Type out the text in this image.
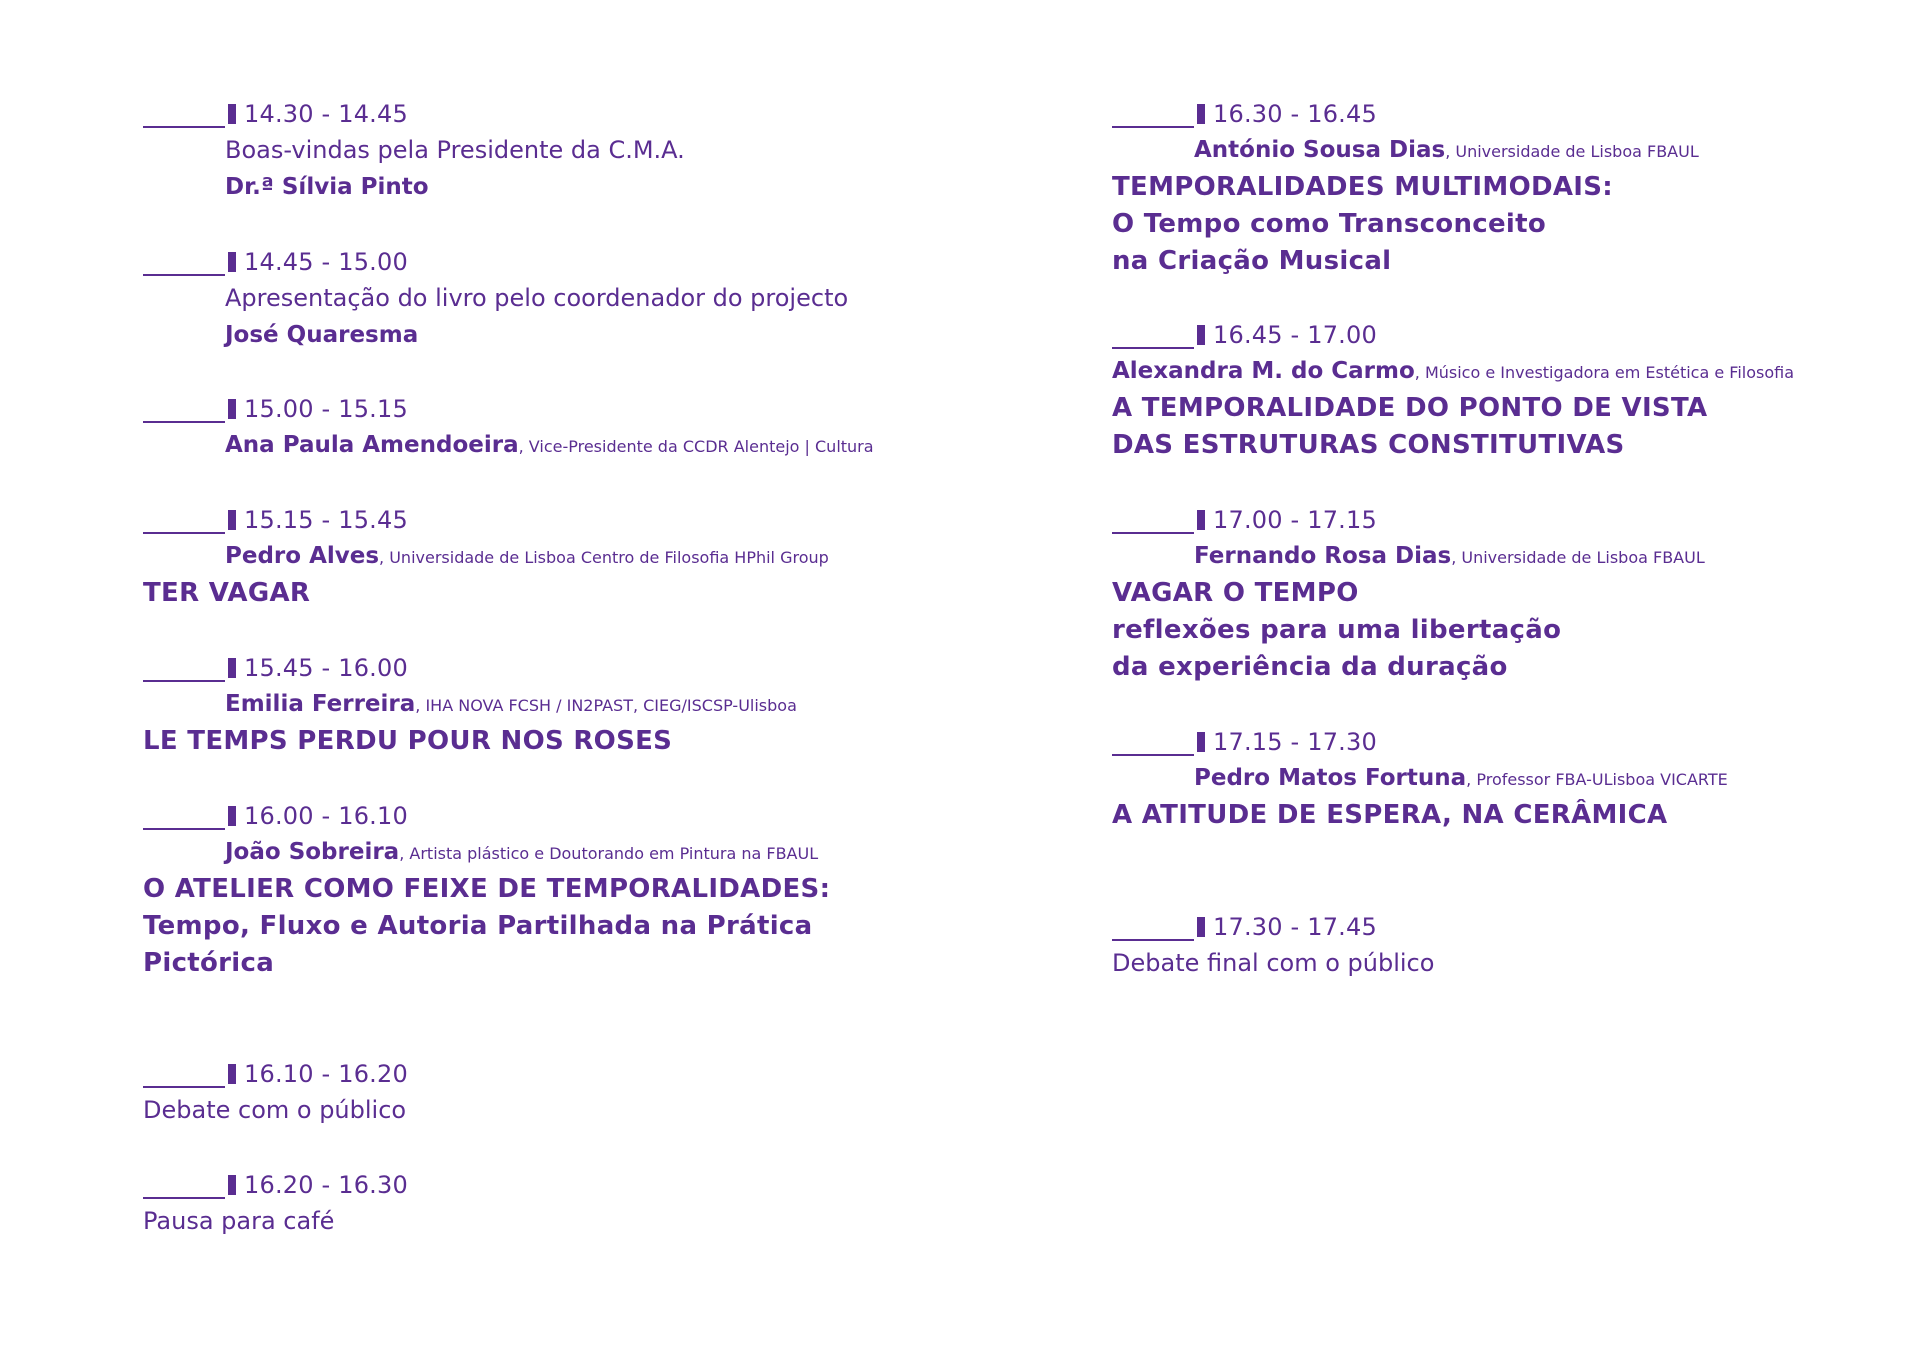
14.30 - 14.45
Boas-vindas pela Presidente da C.M.A.
Dr.ª Sílvia Pinto
14.45 - 15.00
Apresentação do livro pelo coordenador do projecto
José Quaresma
15.00 - 15.15
Ana Paula Amendoeira, Vice-Presidente da CCDR Alentejo | Cultura
15.15 - 15.45
Pedro Alves, Universidade de Lisboa Centro de Filosofia HPhil Group
TER VAGAR
15.45 - 16.00
Emilia Ferreira, IHA NOVA FCSH / IN2PAST, CIEG/ISCSP-Ulisboa
LE TEMPS PERDU POUR NOS ROSES
16.00 - 16.10
João Sobreira, Artista plástico e Doutorando em Pintura na FBAUL
O ATELIER COMO FEIXE DE TEMPORALIDADES:
Tempo, Fluxo e Autoria Partilhada na Prática
Pictórica
16.10 - 16.20
Debate com o público
16.20 - 16.30
Pausa para café
16.30 - 16.45
António Sousa Dias, Universidade de Lisboa FBAUL
TEMPORALIDADES MULTIMODAIS:
O Tempo como Transconceito
na Criação Musical
16.45 - 17.00
Alexandra M. do Carmo, Músico e Investigadora em Estética e Filosofia
A TEMPORALIDADE DO PONTO DE VISTA
DAS ESTRUTURAS CONSTITUTIVAS
17.00 - 17.15
Fernando Rosa Dias, Universidade de Lisboa FBAUL
VAGAR O TEMPO
reflexões para uma libertação
da experiência da duração
17.15 - 17.30
Pedro Matos Fortuna, Professor FBA-ULisboa VICARTE
A ATITUDE DE ESPERA, NA CERÂMICA
17.30 - 17.45
Debate final com o público
